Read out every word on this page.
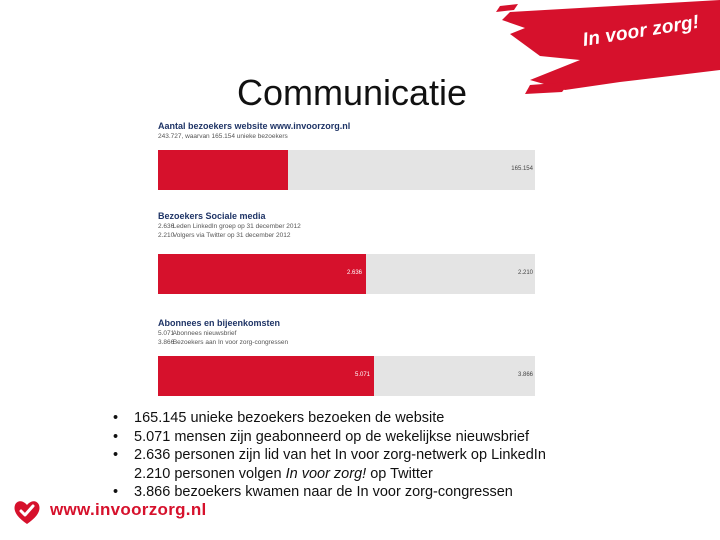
In voor zorg!
Communicatie
Aantal bezoekers website www.invoorzorg.nl
243.727, waarvan 165.154 unieke bezoekers
165.154
Bezoekers Sociale media
2.636 Leden LinkedIn groep op 31 december 2012
2.210 Volgers via Twitter op 31 december 2012
2.636	2.210
Abonnees en bijeenkomsten
5.071 Abonnees nieuwsbrief
3.866 Bezoekers aan In voor zorg-congressen
5.071	3.866
• 165.145 unieke bezoekers bezoeken de website
• 5.071 mensen zijn geabonneerd op de wekelijkse nieuwsbrief
• 2.636 personen zijn lid van het In voor zorg-netwerk op LinkedIn
2.210 personen volgen In voor zorg! op Twitter
• 3.866 bezoekers kwamen naar de In voor zorg-congressen
www.invoorzorg.nl
